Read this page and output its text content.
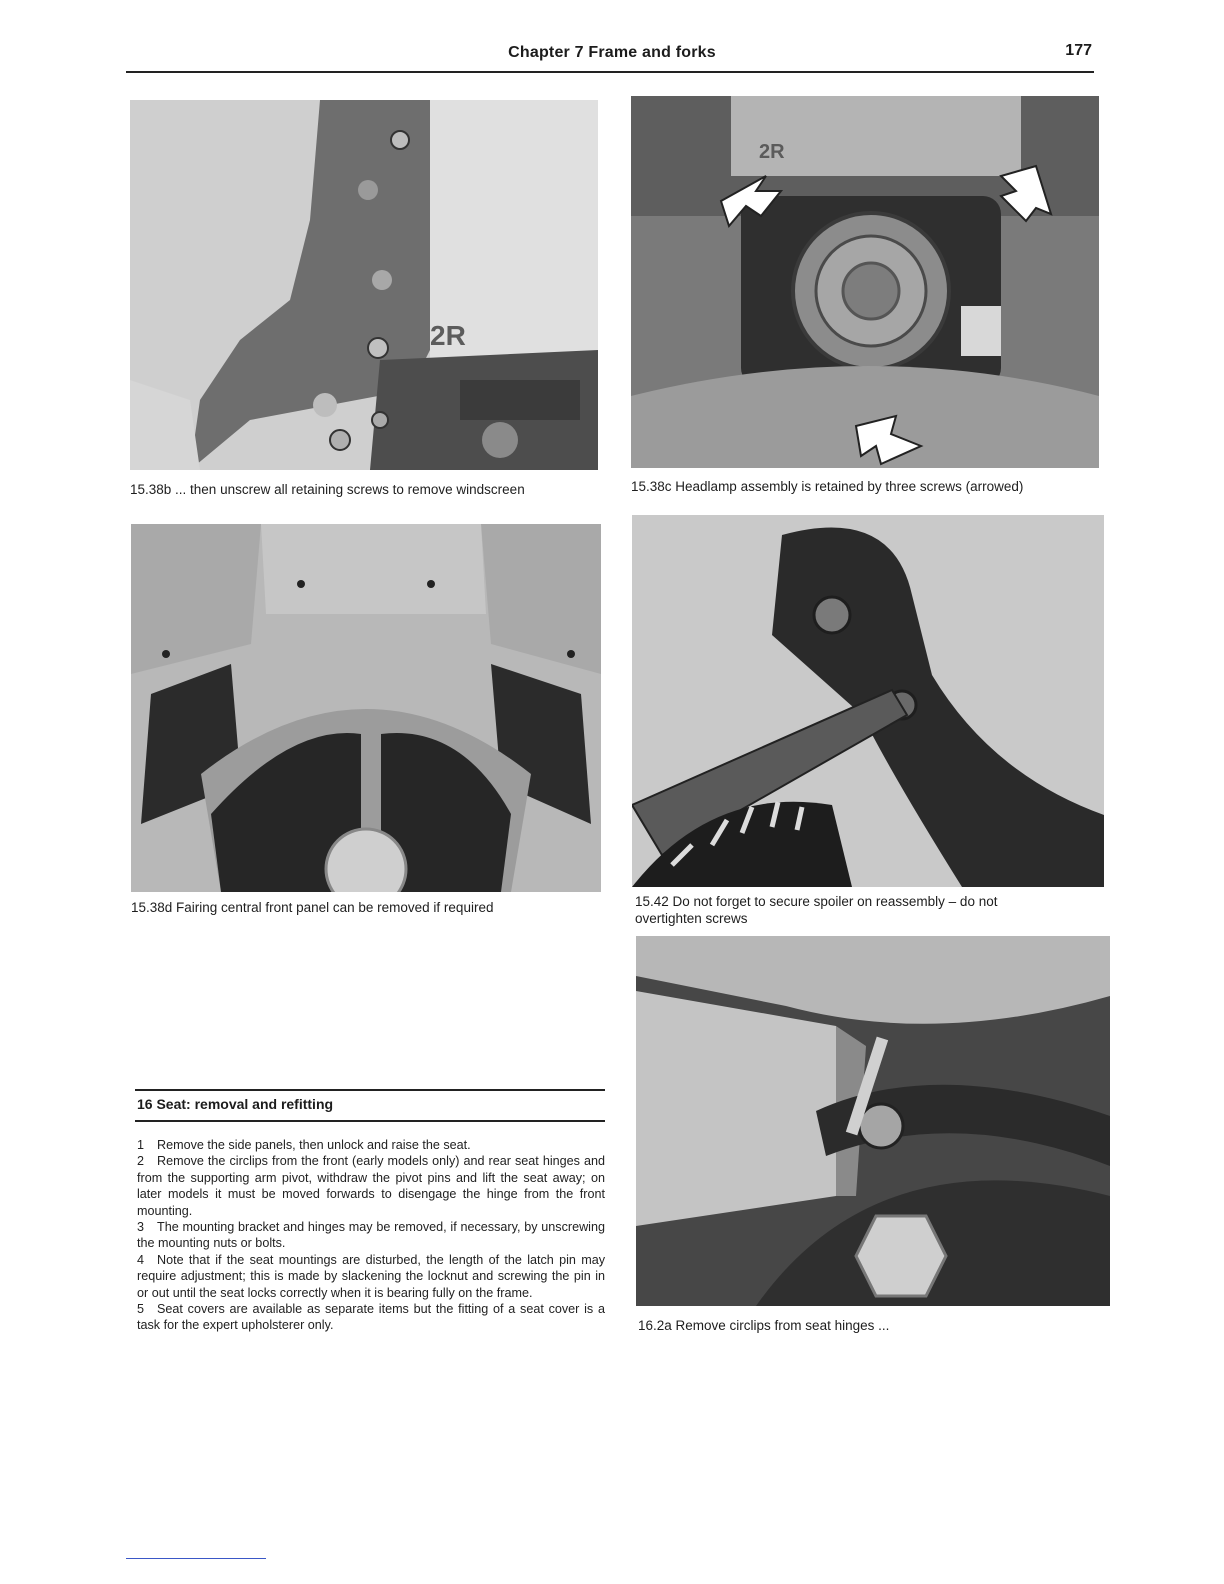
Chapter 7 Frame and forks	177
2R
15.38b ... then unscrew all retaining screws to remove windscreen
2R
15.38c Headlamp assembly is retained by three screws (arrowed)
15.38d Fairing central front panel can be removed if required	15.42 Do not forget to secure spoiler on reassembly – do not
overtighten screws
16.2a Remove circlips from seat hinges ...
16 Seat: removal and refitting

1 Remove the side panels, then unlock and raise the seat.

2 Remove the circlips from the front (early models only) and rear seat hinges and from the supporting arm pivot, withdraw the pivot pins and lift the seat away; on later models it must be moved forwards to disengage the hinge from the front mounting.

3 The mounting bracket and hinges may be removed, if necessary, by unscrewing the mounting nuts or bolts.

4 Note that if the seat mountings are disturbed, the length of the latch pin may require adjustment; this is made by slackening the locknut and screwing the pin in or out until the seat locks correctly when it is bearing fully on the frame.

5 Seat covers are available as separate items but the fitting of a seat cover is a task for the expert upholsterer only.
